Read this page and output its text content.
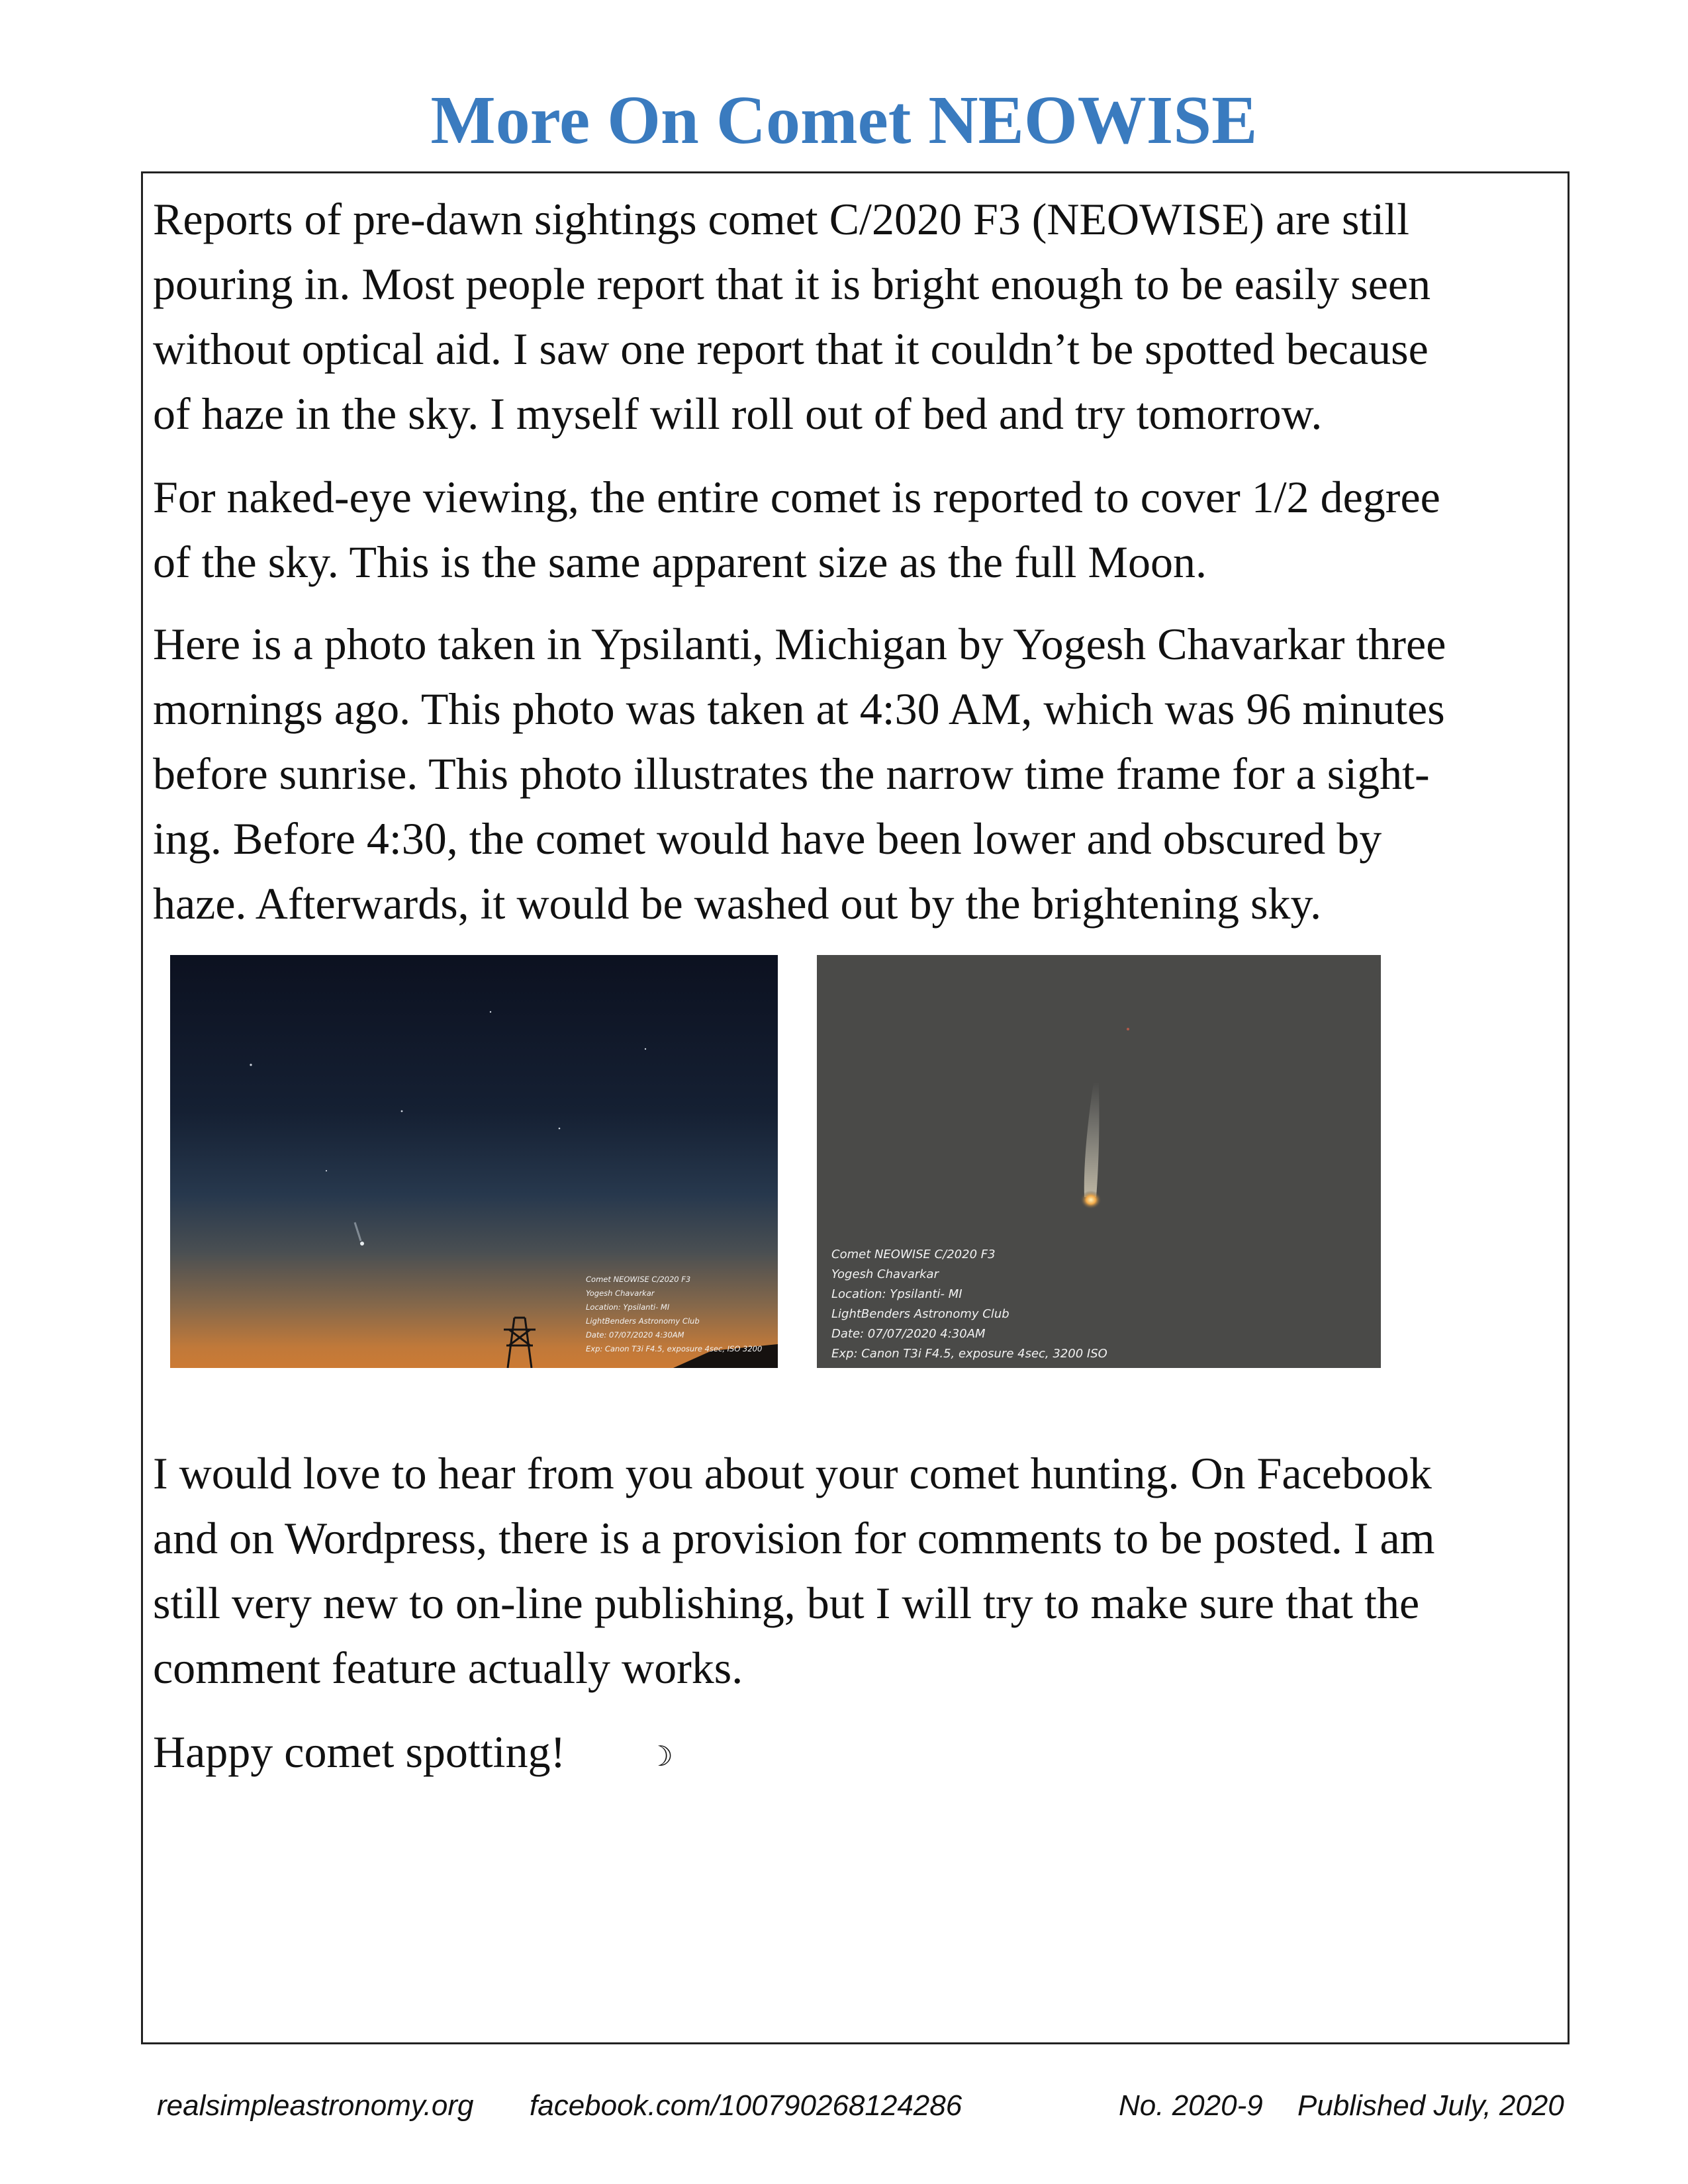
More On Comet NEOWISE
Reports of pre-dawn sightings comet C/2020 F3 (NEOWISE) are still
pouring in. Most people report that it is bright enough to be easily seen
without optical aid. I saw one report that it couldn’t be spotted because
of haze in the sky. I myself will roll out of bed and try tomorrow.
For naked-eye viewing, the entire comet is reported to cover 1/2 degree
of the sky. This is the same apparent size as the full Moon.
Here is a photo taken in Ypsilanti, Michigan by Yogesh Chavarkar three
mornings ago. This photo was taken at 4:30 AM, which was 96 minutes
before sunrise. This photo illustrates the narrow time frame for a sight-
ing. Before 4:30, the comet would have been lower and obscured by
haze. Afterwards, it would be washed out by the brightening sky.
Comet NEOWISE C/2020 F3
Yogesh Chavarkar
Location: Ypsilanti- MI
LightBenders Astronomy Club
Date: 07/07/2020 4:30AM
Exp: Canon T3i F4.5, exposure 4sec, ISO 3200
Comet NEOWISE C/2020 F3
Yogesh Chavarkar
Location: Ypsilanti- MI
LightBenders Astronomy Club
Date: 07/07/2020 4:30AM
Exp: Canon T3i F4.5, exposure 4sec, 3200 ISO
I would love to hear from you about your comet hunting. On Facebook
and on Wordpress, there is a provision for comments to be posted. I am
still very new to on-line publishing, but I will try to make sure that the
comment feature actually works.
Happy comet spotting!	☽

realsimpleastronomy.org facebook.com/100790268124286	No. 2020-9 Published July, 2020
